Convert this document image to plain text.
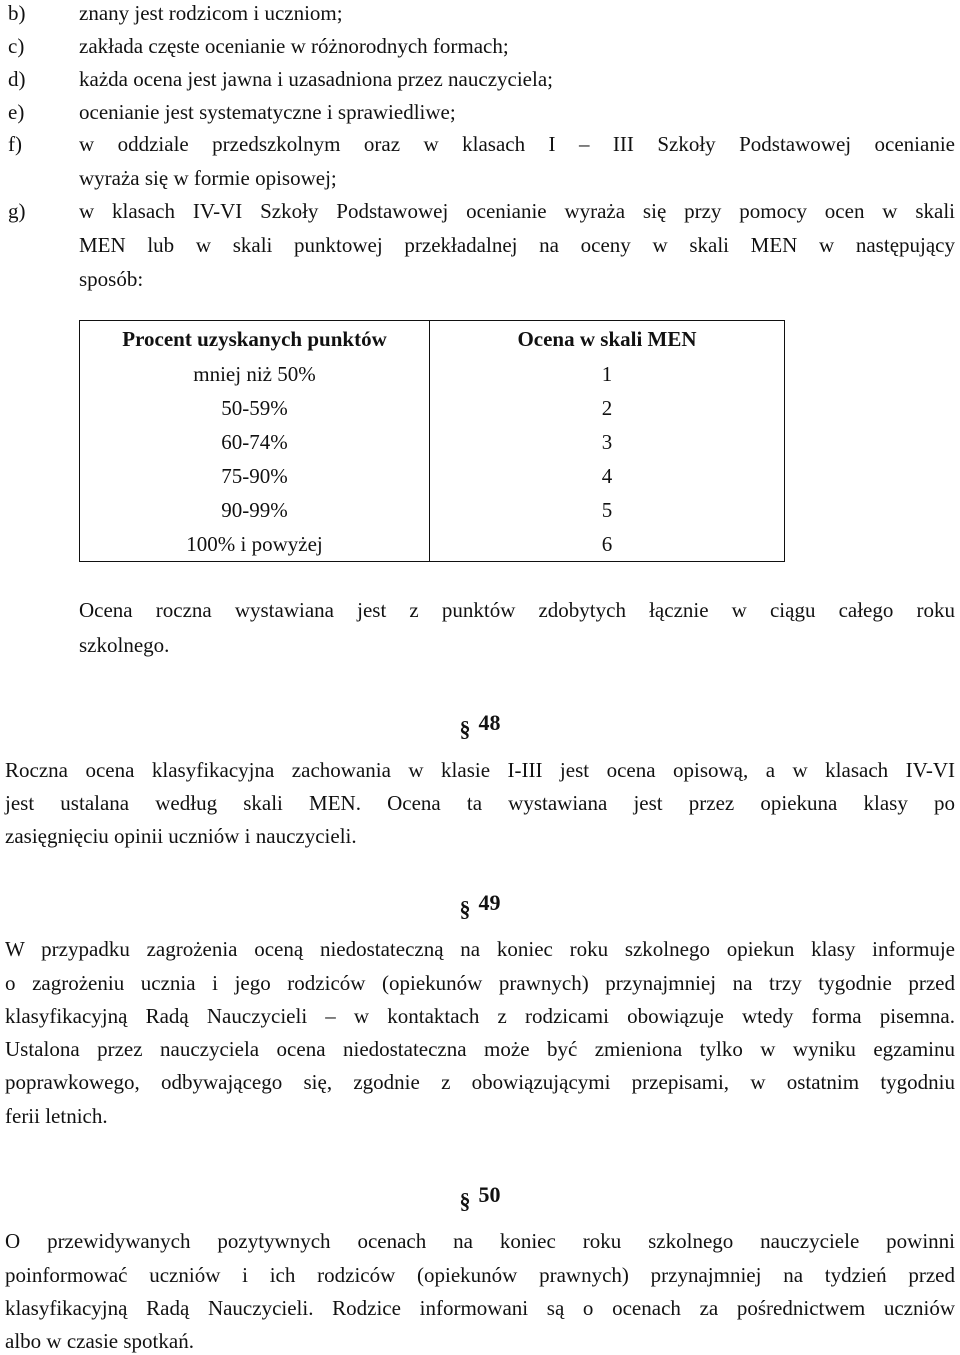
b)	znany jest rodzicom i uczniom;
c)	zakłada częste ocenianie w różnorodnych formach;
d)	każda ocena jest jawna i uzasadniona przez nauczyciela;
e)	ocenianie jest systematyczne i sprawiedliwe;
f)	w oddziale przedszkolnym oraz w klasach I – III Szkoły Podstawowej ocenianie
wyraża się w formie opisowej;
g)	w klasach IV-VI Szkoły Podstawowej ocenianie wyraża się przy pomocy ocen w skali
MEN lub w skali punktowej przekładalnej na oceny w skali MEN w następujący
sposób:
Procent uzyskanych punktów	Ocena w skali MEN
mniej niż 50%	1
50-59%	2
60-74%	3
75-90%	4
90-99%	5
100% i powyżej	6
Ocena roczna wystawiana jest z punktów zdobytych łącznie w ciągu całego roku
szkolnego.
§ 48
Roczna ocena klasyfikacyjna zachowania w klasie I-III jest ocena opisową, a w klasach IV-VI
jest ustalana według skali MEN. Ocena ta wystawiana jest przez opiekuna klasy po
zasięgnięciu opinii uczniów i nauczycieli.
§ 49
W przypadku zagrożenia oceną niedostateczną na koniec roku szkolnego opiekun klasy informuje
o zagrożeniu ucznia i jego rodziców (opiekunów prawnych) przynajmniej na trzy tygodnie przed
klasyfikacyjną Radą Nauczycieli – w kontaktach z rodzicami obowiązuje wtedy forma pisemna.
Ustalona przez nauczyciela ocena niedostateczna może być zmieniona tylko w wyniku egzaminu
poprawkowego, odbywającego się, zgodnie z obowiązującymi przepisami, w ostatnim tygodniu
ferii letnich.
§ 50
O przewidywanych pozytywnych ocenach na koniec roku szkolnego nauczyciele powinni
poinformować uczniów i ich rodziców (opiekunów prawnych) przynajmniej na tydzień przed
klasyfikacyjną Radą Nauczycieli. Rodzice informowani są o ocenach za pośrednictwem uczniów
albo w czasie spotkań.
